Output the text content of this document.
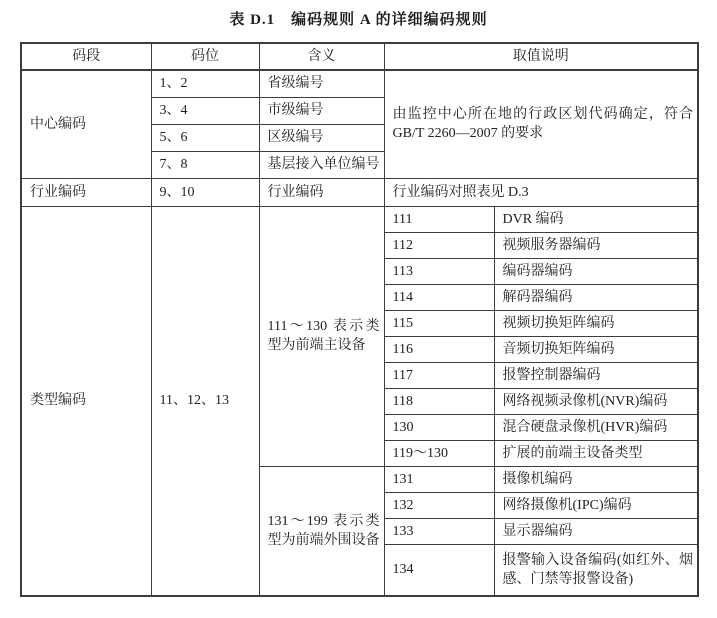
表 D.1　编码规则 A 的详细编码规则
码段	码位	含义	取值说明	
中心编码	1、2	省级编号	由监控中心所在地的行政区划代码确定，符合 GB/T 2260—2007 的要求	
	3、4	市级编号		
	5、6	区级编号		
	7、8	基层接入单位编号		
行业编码	9、10	行业编码	行业编码对照表见 D.3	
类型编码	11、12、13	111～130 表示类型为前端主设备	111	DVR 编码
			112	视频服务器编码
			113	编码器编码
			114	解码器编码
			115	视频切换矩阵编码
			116	音频切换矩阵编码
			117	报警控制器编码
			118	网络视频录像机(NVR)编码
			130	混合硬盘录像机(HVR)编码
			119～130	扩展的前端主设备类型
		131～199 表示类型为前端外围设备	131	摄像机编码
			132	网络摄像机(IPC)编码
			133	显示器编码
			134	报警输入设备编码(如红外、烟感、门禁等报警设备)
